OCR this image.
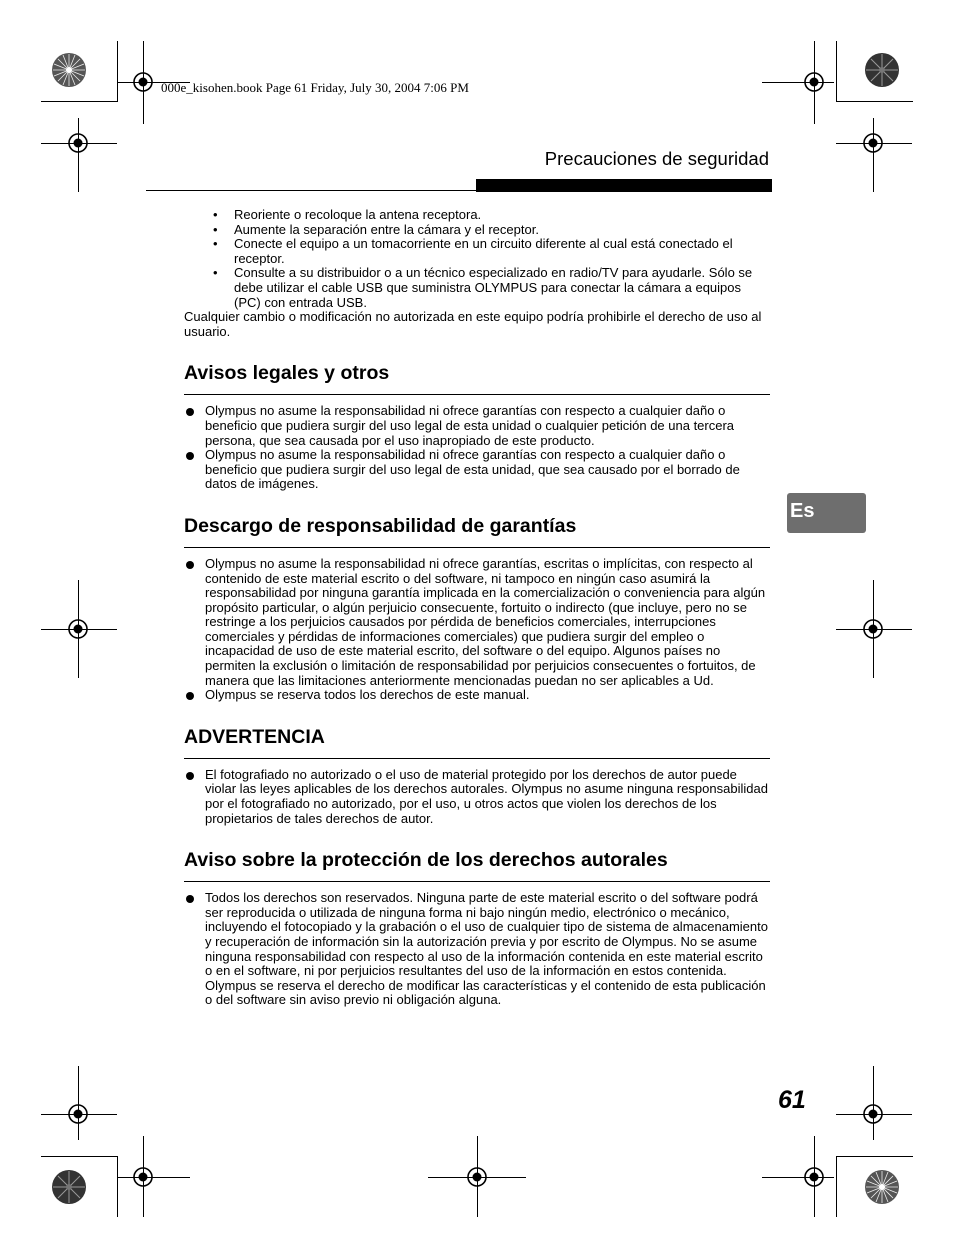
000e_kisohen.book Page 61 Friday, July 30, 2004 7:06 PM
Precauciones de seguridad
• Reoriente o recoloque la antena receptora.
• Aumente la separación entre la cámara y el receptor.
• Conecte el equipo a un tomacorriente en un circuito diferente al cual está conectado el receptor.
• Consulte a su distribuidor o a un técnico especializado en radio/TV para ayudarle. Sólo se debe utilizar el cable USB que suministra OLYMPUS para conectar la cámara a equipos (PC) con entrada USB.

Cualquier cambio o modificación no autorizada en este equipo podría prohibirle el derecho de uso al usuario.

Avisos legales y otros
Olympus no asume la responsabilidad ni ofrece garantías con respecto a cualquier daño o beneficio que pudiera surgir del uso legal de esta unidad o cualquier petición de una tercera persona, que sea causada por el uso inapropiado de este producto.
Olympus no asume la responsabilidad ni ofrece garantías con respecto a cualquier daño o beneficio que pudiera surgir del uso legal de esta unidad, que sea causado por el borrado de datos de imágenes.
Descargo de responsabilidad de garantías
Olympus no asume la responsabilidad ni ofrece garantías, escritas o implícitas, con respecto al contenido de este material escrito o del software, ni tampoco en ningún caso asumirá la responsabilidad por ninguna garantía implicada en la comercialización o conveniencia para algún propósito particular, o algún perjuicio consecuente, fortuito o indirecto (que incluye, pero no se restringe a los perjuicios causados por pérdida de beneficios comerciales, interrupciones comerciales y pérdidas de informaciones comerciales) que pudiera surgir del empleo o incapacidad de uso de este material escrito, del software o del equipo. Algunos países no permiten la exclusión o limitación de responsabilidad por perjuicios consecuentes o fortuitos, de manera que las limitaciones anteriormente mencionadas puedan no ser aplicables a Ud.
Olympus se reserva todos los derechos de este manual.
ADVERTENCIA
El fotografiado no autorizado o el uso de material protegido por los derechos de autor puede violar las leyes aplicables de los derechos autorales. Olympus no asume ninguna responsabilidad por el fotografiado no autorizado, por el uso, u otros actos que violen los derechos de los propietarios de tales derechos de autor.
Aviso sobre la protección de los derechos autorales
Todos los derechos son reservados. Ninguna parte de este material escrito o del software podrá ser reproducida o utilizada de ninguna forma ni bajo ningún medio, electrónico o mecánico, incluyendo el fotocopiado y la grabación o el uso de cualquier tipo de sistema de almacenamiento y recuperación de información sin la autorización previa y por escrito de Olympus. No se asume ninguna responsabilidad con respecto al uso de la información contenida en este material escrito o en el software, ni por perjuicios resultantes del uso de la información en estos contenida. Olympus se reserva el derecho de modificar las características y el contenido de esta publicación o del software sin aviso previo ni obligación alguna.
Es
61
